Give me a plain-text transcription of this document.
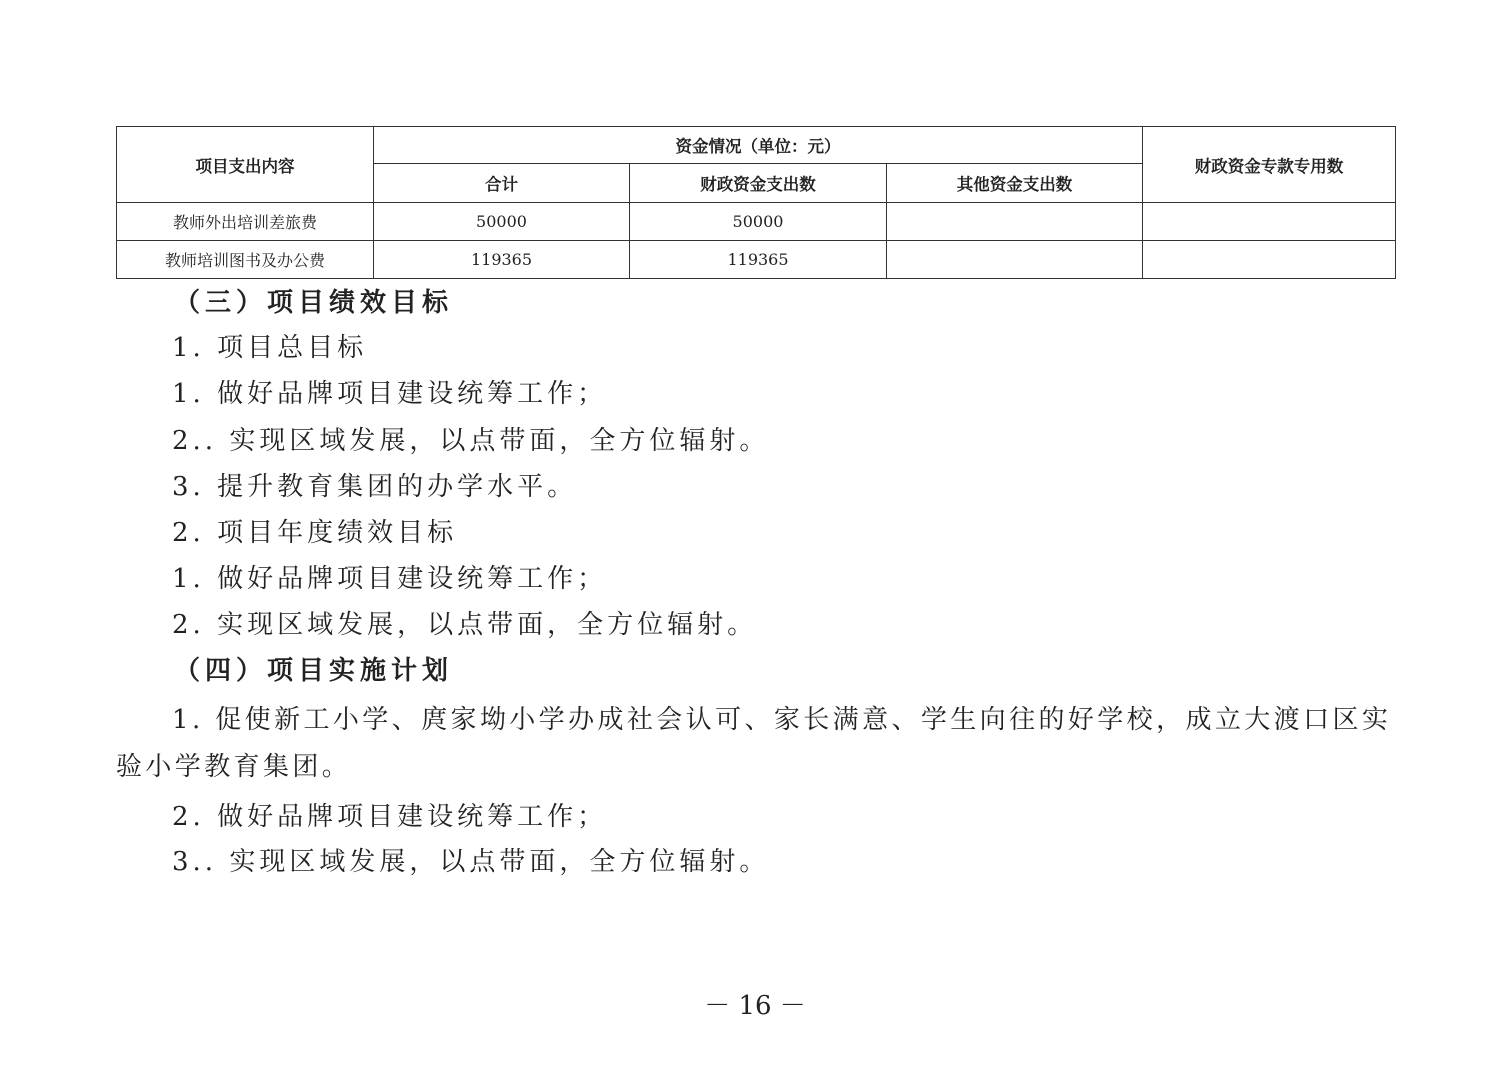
项目支出内容	资金情况（单位：元）			财政资金专款专用数
	合计	财政资金支出数	其他资金支出数	
教师外出培训差旅费	50000	50000		
教师培训图书及办公费	119365	119365		
（三）项目绩效目标
1. 项目总目标
1. 做好品牌项目建设统筹工作；
2.. 实现区域发展，以点带面，全方位辐射。
3. 提升教育集团的办学水平。
2. 项目年度绩效目标
1. 做好品牌项目建设统筹工作；
2. 实现区域发展，以点带面，全方位辐射。
（四）项目实施计划
1. 促使新工小学、庹家坳小学办成社会认可、家长满意、学生向往的好学校，成立大渡口区实验小学教育集团。
2. 做好品牌项目建设统筹工作；
3.. 实现区域发展，以点带面，全方位辐射。
－ 16 －
